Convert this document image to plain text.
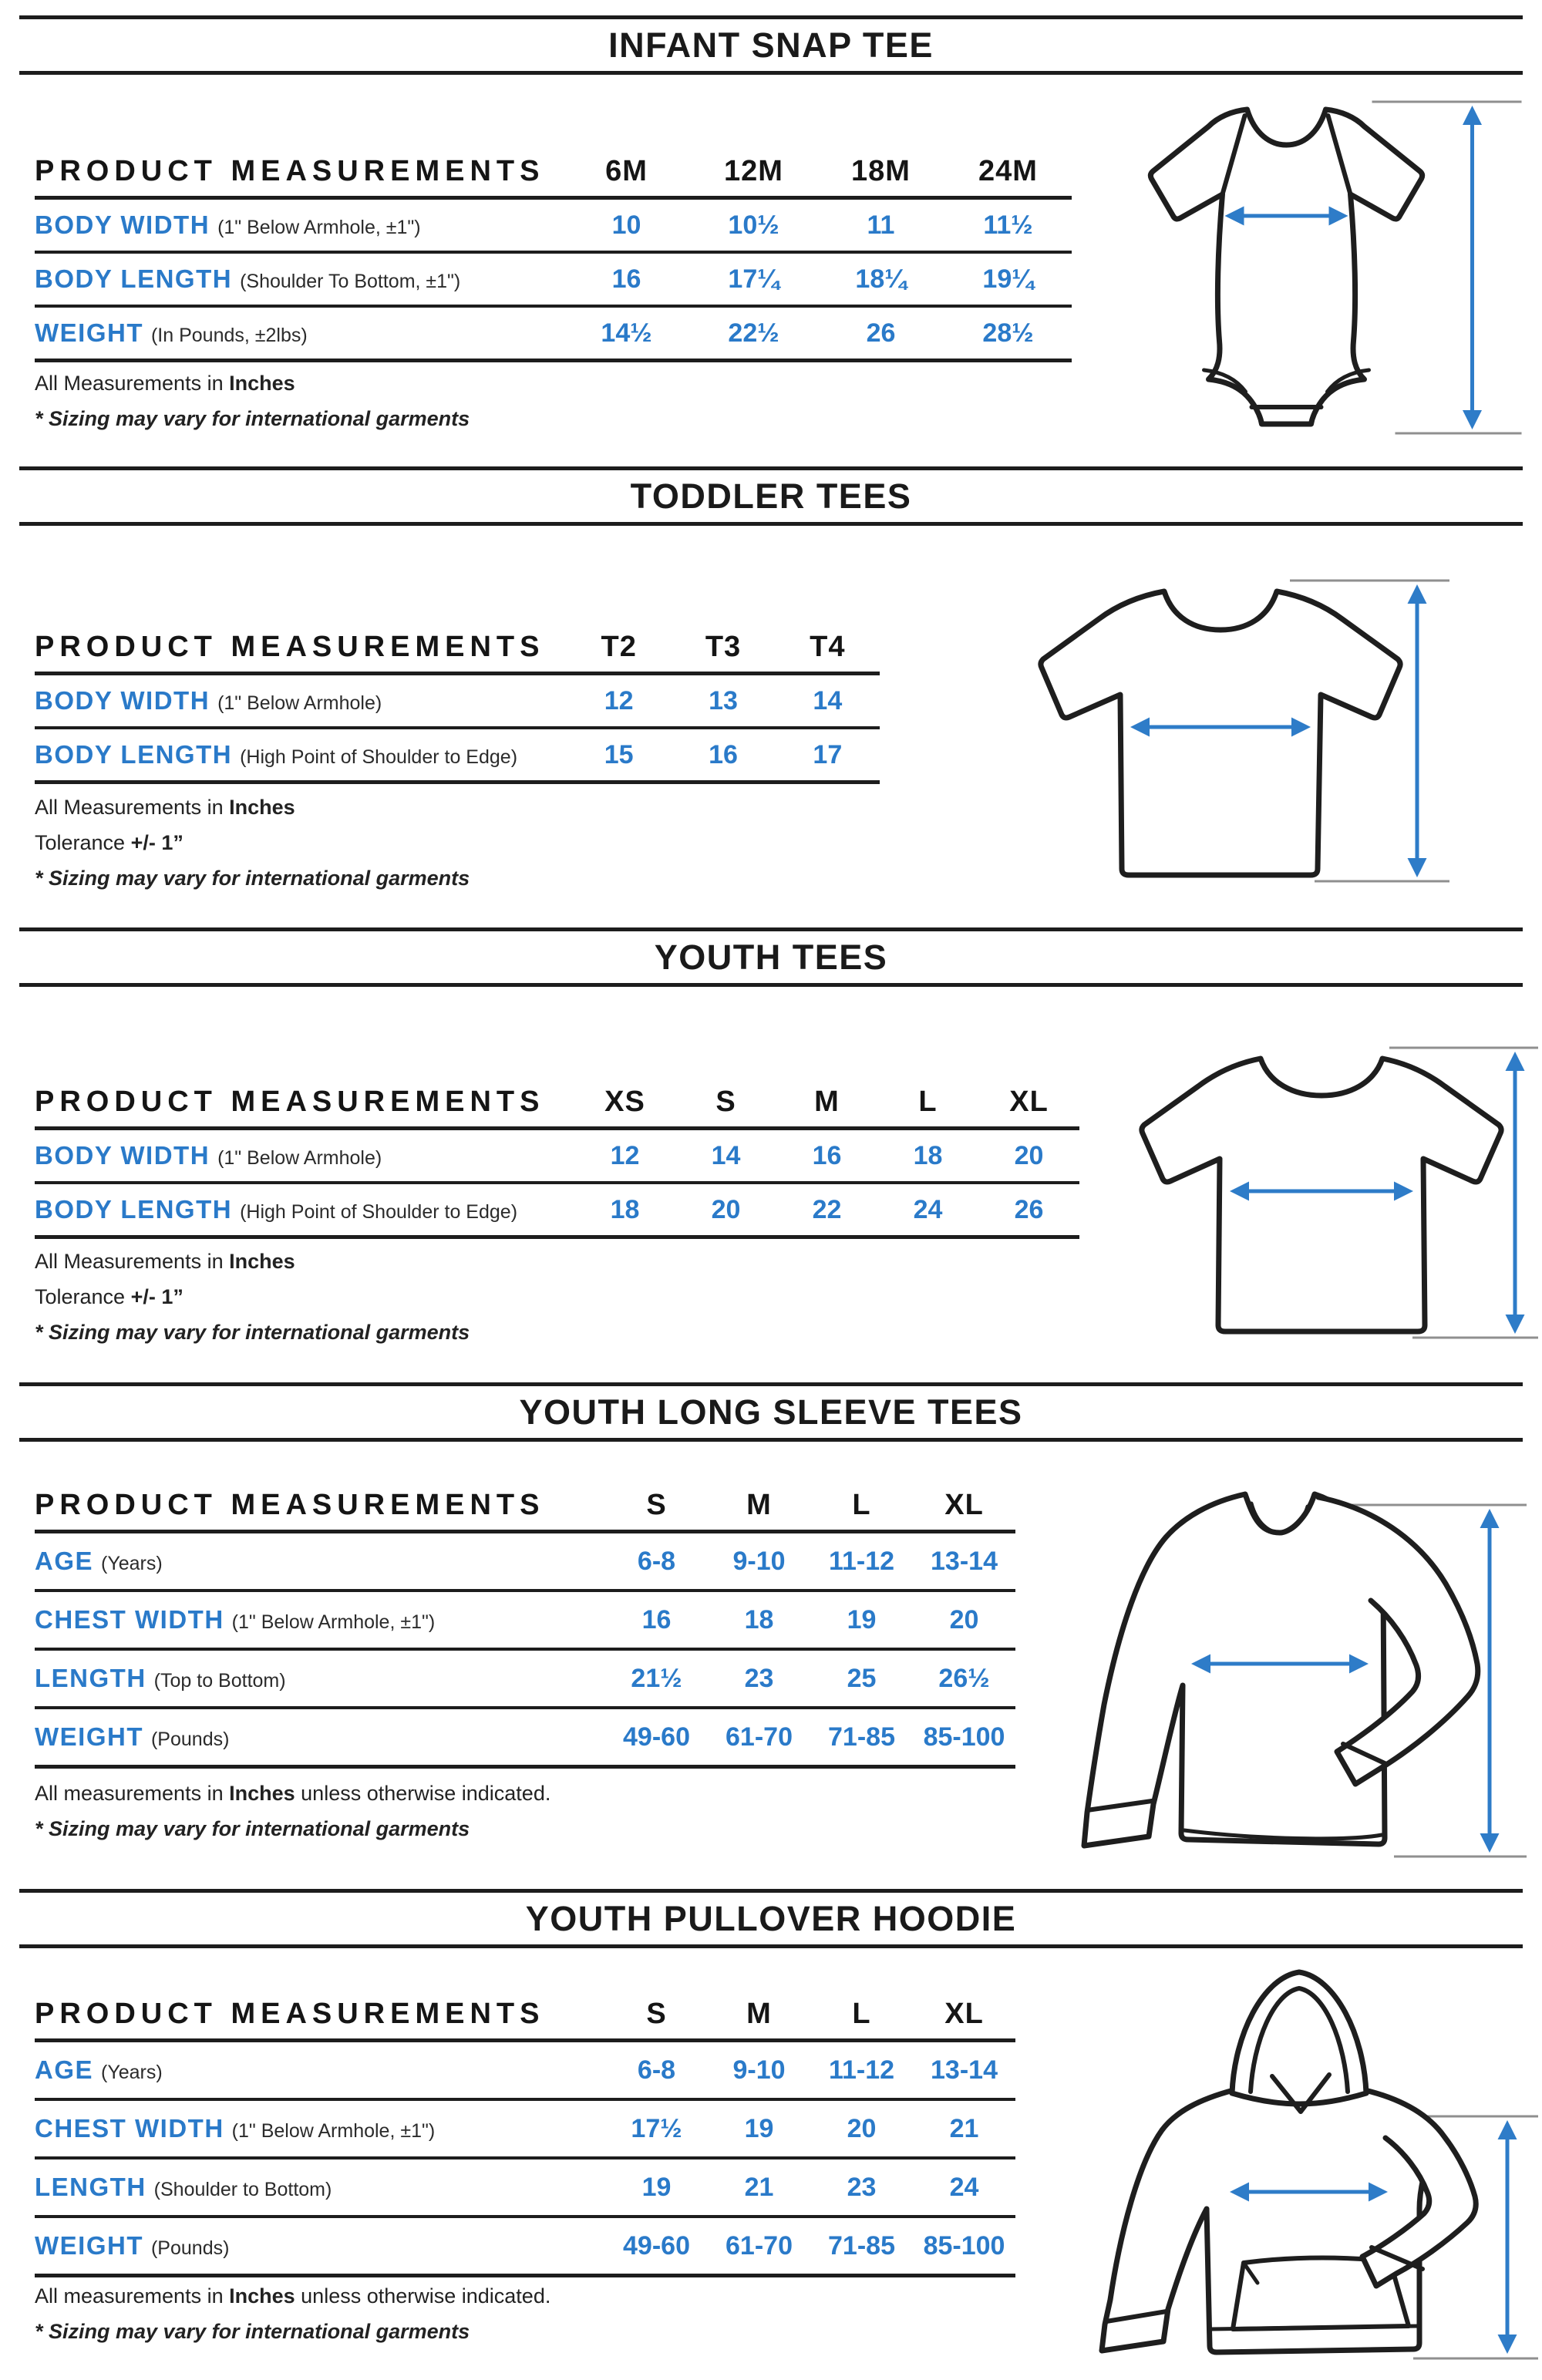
INFANT SNAP TEE
PRODUCT MEASUREMENTS	6M	12M	18M	24M
BODY WIDTH (1" Below Armhole, ±1")	10	10½	11	11½
BODY LENGTH (Shoulder To Bottom, ±1")	16	17¼	18¼	19¼
WEIGHT (In Pounds, ±2lbs)	14½	22½	26	28½
All Measurements in Inches
* Sizing may vary for international garments
TODDLER TEES
PRODUCT MEASUREMENTS	T2	T3	T4
BODY WIDTH (1" Below Armhole)	12	13	14
BODY LENGTH (High Point of Shoulder to Edge)	15	16	17
All Measurements in Inches
Tolerance +/- 1”
* Sizing may vary for international garments
YOUTH TEES
PRODUCT MEASUREMENTS	XS	S	M	L	XL
BODY WIDTH (1" Below Armhole)	12	14	16	18	20
BODY LENGTH (High Point of Shoulder to Edge)	18	20	22	24	26
All Measurements in Inches
Tolerance +/- 1”
* Sizing may vary for international garments
YOUTH LONG SLEEVE TEES
PRODUCT MEASUREMENTS	S	M	L	XL
AGE (Years)	6-8	9-10	11-12	13-14
CHEST WIDTH (1" Below Armhole, ±1")	16	18	19	20
LENGTH (Top to Bottom)	21½	23	25	26½
WEIGHT (Pounds)	49-60	61-70	71-85	85-100
All measurements in Inches unless otherwise indicated.
* Sizing may vary for international garments
YOUTH PULLOVER HOODIE
PRODUCT MEASUREMENTS	S	M	L	XL
AGE (Years)	6-8	9-10	11-12	13-14
CHEST WIDTH (1" Below Armhole, ±1")	17½	19	20	21
LENGTH (Shoulder to Bottom)	19	21	23	24
WEIGHT (Pounds)	49-60	61-70	71-85	85-100
All measurements in Inches unless otherwise indicated.
* Sizing may vary for international garments
